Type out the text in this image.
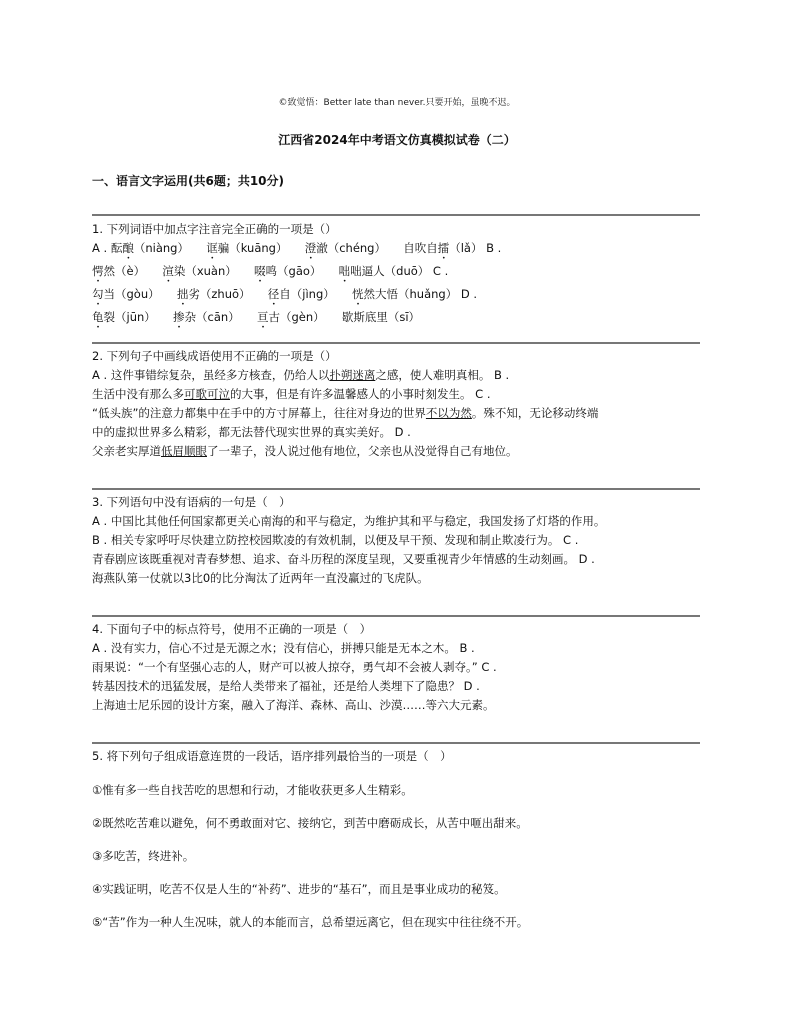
©致觉悟：Better late than never.只要开始，虽晚不迟。
江西省2024年中考语文仿真模拟试卷（二）
一、语言文字运用(共6题；共10分)
1. 下列词语中加点字注音完全正确的一项是（）
A . 酝酿（niàng）　　诓骗（kuāng）　　澄澈（chéng）　　自吹自擂（lǎ） B .
愕然（è）　　渲染（xuàn）　　啜鸣（gāo）　　咄咄逼人（duō） C .
勾当（gòu）　　拙劣（zhuō）　　径自（jìng）　　恍然大悟（huǎng） D .
龟裂（jūn）　　掺杂（cān）　　亘古（gèn）　　歇斯底里（sī）
2. 下列句子中画线成语使用不正确的一项是（）
A . 这件事错综复杂，虽经多方核查，仍给人以扑朔迷离之感，使人难明真相。 B .
生活中没有那么多可歌可泣的大事，但是有许多温馨感人的小事时刻发生。 C .
“低头族”的注意力都集中在手中的方寸屏幕上，往往对身边的世界不以为然。殊不知，无论移动终端
中的虚拟世界多么精彩，都无法替代现实世界的真实美好。 D .
父亲老实厚道低眉顺眼了一辈子，没人说过他有地位，父亲也从没觉得自己有地位。
3. 下列语句中没有语病的一句是（　）
A . 中国比其他任何国家都更关心南海的和平与稳定，为维护其和平与稳定，我国发扬了灯塔的作用。
B . 相关专家呼吁尽快建立防控校园欺凌的有效机制，以便及早干预、发现和制止欺凌行为。 C .
青春剧应该既重视对青春梦想、追求、奋斗历程的深度呈现，又要重视青少年情感的生动刻画。 D .
海燕队第一仗就以3比0的比分淘汰了近两年一直没赢过的飞虎队。
4. 下面句子中的标点符号，使用不正确的一项是（　）
A . 没有实力，信心不过是无源之水；没有信心，拼搏只能是无本之木。 B .
雨果说：“一个有坚强心志的人，财产可以被人掠夺，勇气却不会被人剥夺。” C .
转基因技术的迅猛发展，是给人类带来了福祉，还是给人类埋下了隐患？ D .
上海迪士尼乐园的设计方案，融入了海洋、森林、高山、沙漠……等六大元素。
5. 将下列句子组成语意连贯的一段话，语序排列最恰当的一项是（　）
①惟有多一些自找苦吃的思想和行动，才能收获更多人生精彩。
②既然吃苦难以避免，何不勇敢面对它、接纳它，到苦中磨砺成长，从苦中咂出甜来。
③多吃苦，终进补。
④实践证明，吃苦不仅是人生的“补药”、进步的“基石”，而且是事业成功的秘笈。
⑤“苦”作为一种人生况味，就人的本能而言，总希望远离它，但在现实中往往绕不开。
